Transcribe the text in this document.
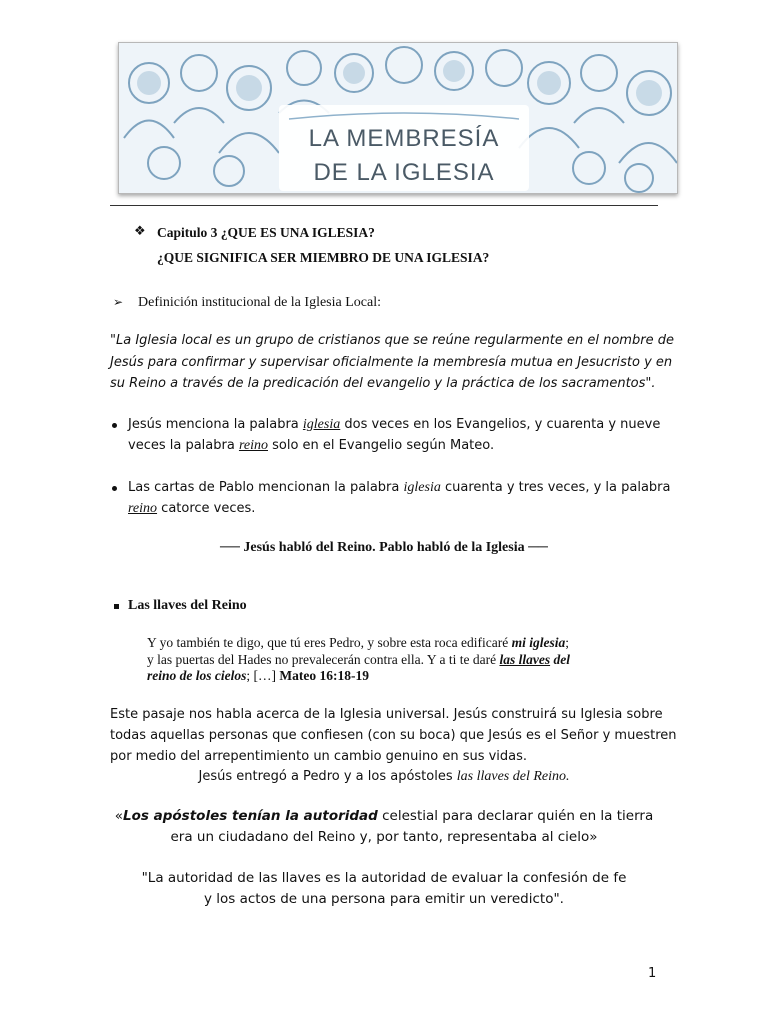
LA MEMBRESÍA
DE LA IGLESIA
❖ Capitulo 3 ¿QUE ES UNA IGLESIA?
¿QUE SIGNIFICA SER MIEMBRO DE UNA IGLESIA?
➢ Definición institucional de la Iglesia Local:
"La Iglesia local es un grupo de cristianos que se reúne regularmente en el nombre de
Jesús para confirmar y supervisar oficialmente la membresía mutua en Jesucristo y en
su Reino a través de la predicación del evangelio y la práctica de los sacramentos".
Jesús menciona la palabra iglesia dos veces en los Evangelios, y cuarenta y nueve
veces la palabra reino solo en el Evangelio según Mateo.
Las cartas de Pablo mencionan la palabra iglesia cuarenta y tres veces, y la palabra
reino catorce veces.
── Jesús habló del Reino. Pablo habló de la Iglesia ──
Las llaves del Reino
Y yo también te digo, que tú eres Pedro, y sobre esta roca edificaré mi iglesia;
y las puertas del Hades no prevalecerán contra ella. Y a ti te daré las llaves del
reino de los cielos; […] Mateo 16:18-19
Este pasaje nos habla acerca de la Iglesia universal. Jesús construirá su Iglesia sobre
todas aquellas personas que confiesen (con su boca) que Jesús es el Señor y muestren
por medio del arrepentimiento un cambio genuino en sus vidas.
Jesús entregó a Pedro y a los apóstoles las llaves del Reino.
«Los apóstoles tenían la autoridad celestial para declarar quién en la tierra
era un ciudadano del Reino y, por tanto, representaba al cielo»
"La autoridad de las llaves es la autoridad de evaluar la confesión de fe
y los actos de una persona para emitir un veredicto".
1
